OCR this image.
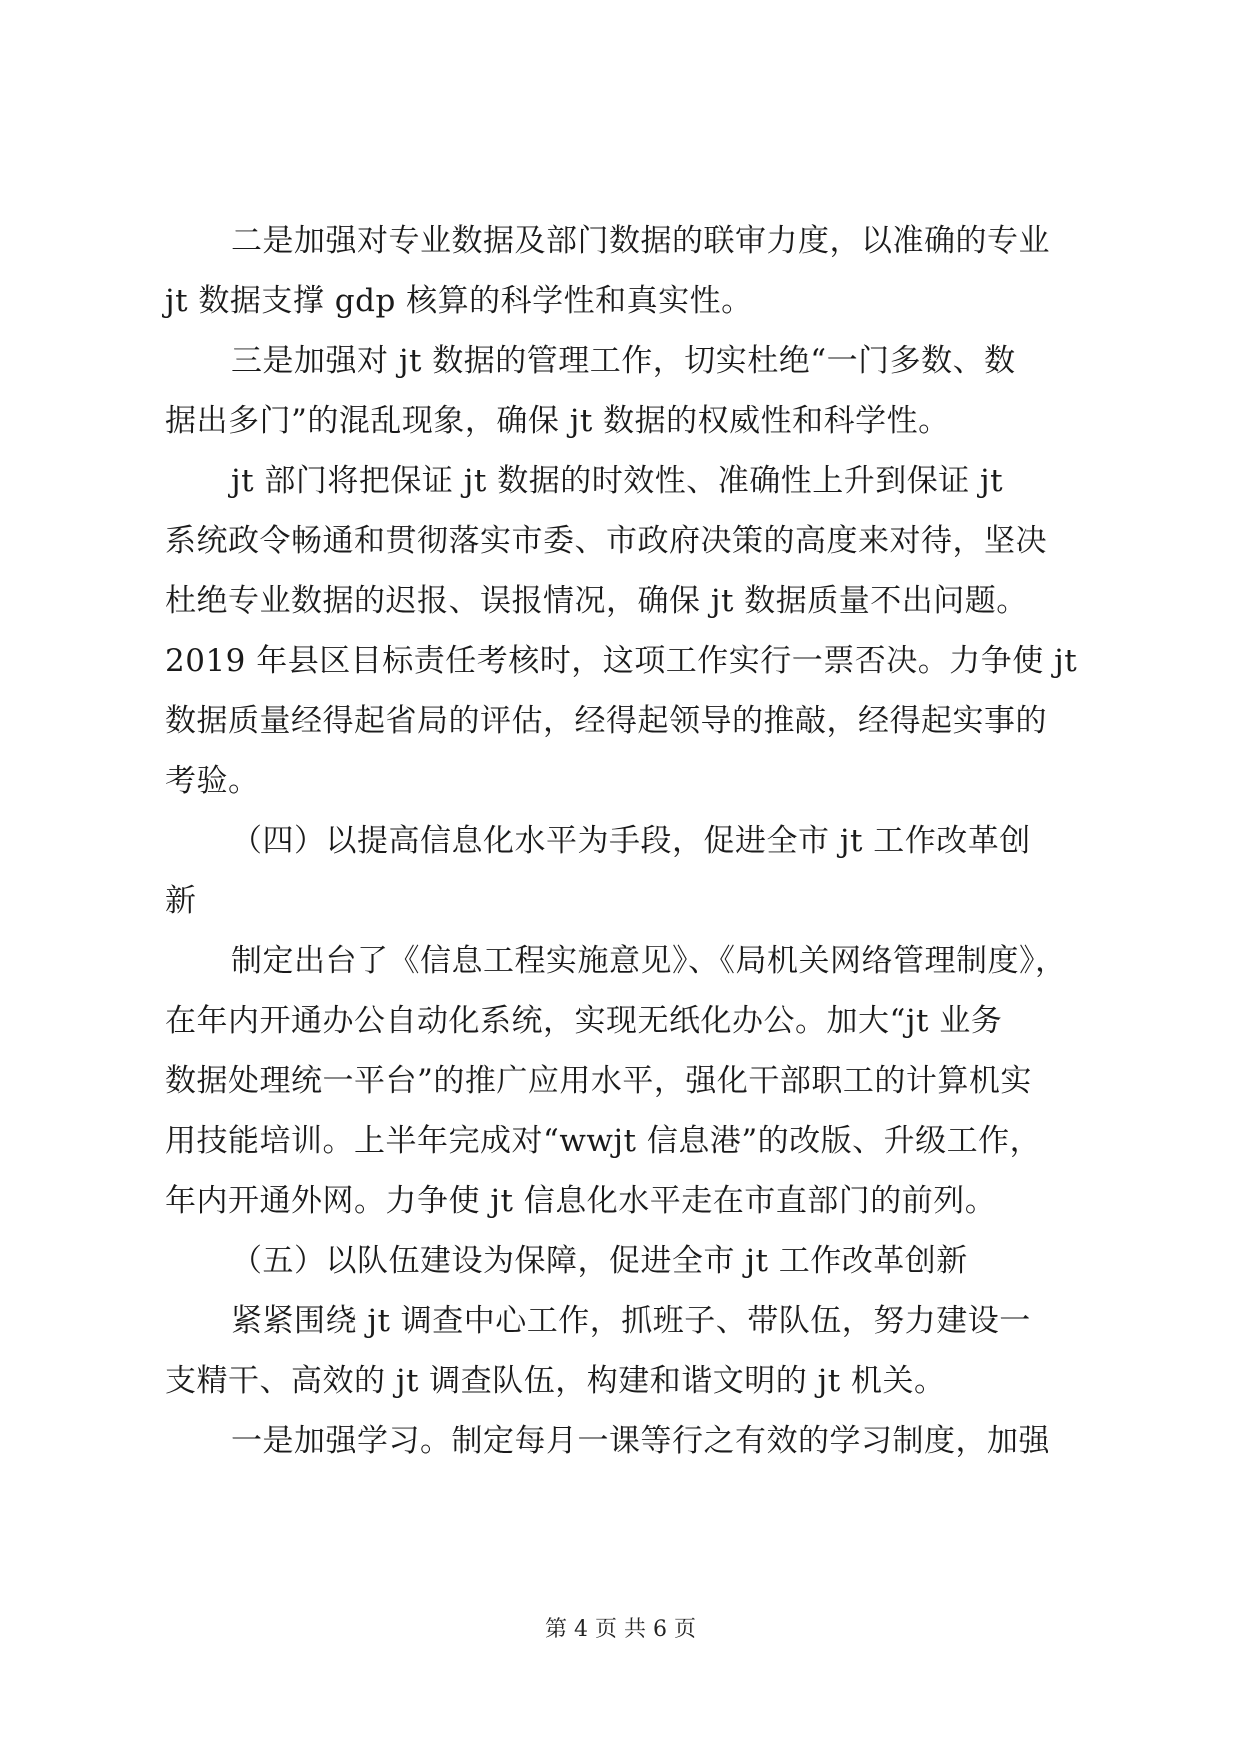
二是加强对专业数据及部门数据的联审力度，以准确的专业
jt 数据支撑 gdp 核算的科学性和真实性。
三是加强对 jt 数据的管理工作，切实杜绝“一门多数、数
据出多门”的混乱现象，确保 jt 数据的权威性和科学性。
jt 部门将把保证 jt 数据的时效性、准确性上升到保证 jt
系统政令畅通和贯彻落实市委、市政府决策的高度来对待，坚决
杜绝专业数据的迟报、误报情况，确保 jt 数据质量不出问题。
2019 年县区目标责任考核时，这项工作实行一票否决。力争使 jt
数据质量经得起省局的评估，经得起领导的推敲，经得起实事的
考验。
（四）以提高信息化水平为手段，促进全市 jt 工作改革创
新
制定出台了《信息工程实施意见》、《局机关网络管理制度》，
在年内开通办公自动化系统，实现无纸化办公。加大“jt 业务
数据处理统一平台”的推广应用水平，强化干部职工的计算机实
用技能培训。上半年完成对“wwjt 信息港”的改版、升级工作，
年内开通外网。力争使 jt 信息化水平走在市直部门的前列。
（五）以队伍建设为保障，促进全市 jt 工作改革创新
紧紧围绕 jt 调查中心工作，抓班子、带队伍，努力建设一
支精干、高效的 jt 调查队伍，构建和谐文明的 jt 机关。
一是加强学习。制定每月一课等行之有效的学习制度，加强
第 4 页 共 6 页
